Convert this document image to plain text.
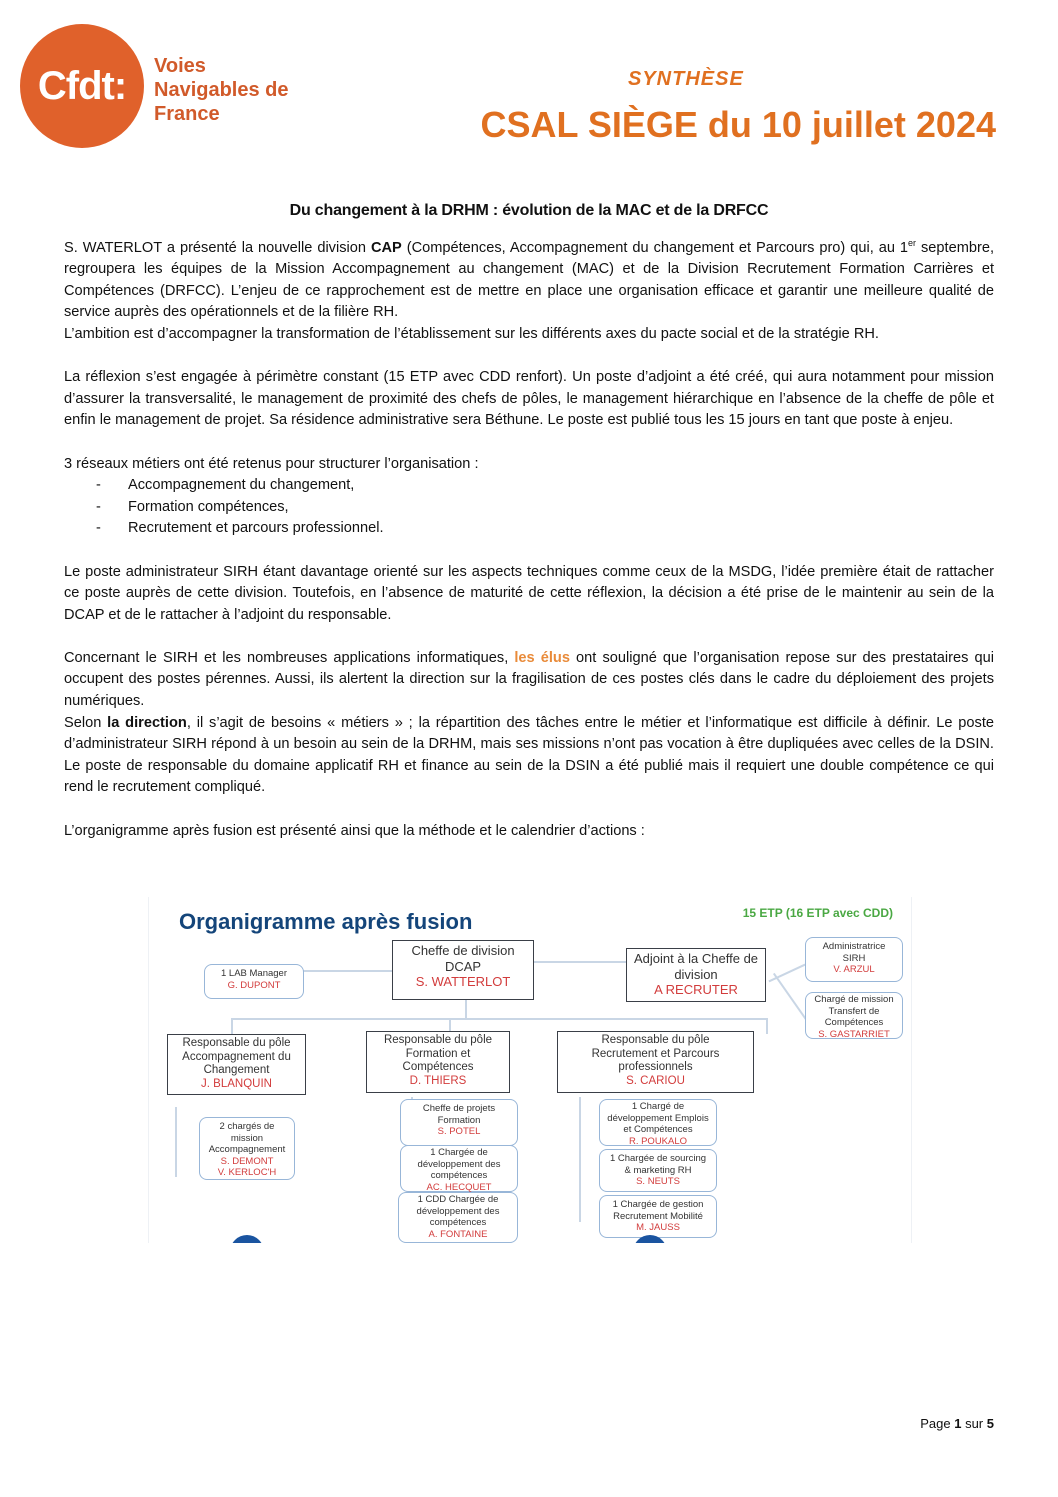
Cfdt: Voies
Navigables de
France
SYNTHÈSE
CSAL SIÈGE du 10 juillet 2024
Du changement à la DRHM : évolution de la MAC et de la DRFCC

S. WATERLOT a présenté la nouvelle division CAP (Compétences, Accompagnement du changement et Parcours pro) qui, au 1er septembre, regroupera les équipes de la Mission Accompagnement au changement (MAC) et de la Division Recrutement Formation Carrières et Compétences (DRFCC). L’enjeu de ce rapprochement est de mettre en place une organisation efficace et garantir une meilleure qualité de service auprès des opérationnels et de la filière RH.

L’ambition est d’accompagner la transformation de l’établissement sur les différents axes du pacte social et de la stratégie RH.

La réflexion s’est engagée à périmètre constant (15 ETP avec CDD renfort). Un poste d’adjoint a été créé, qui aura notamment pour mission d’assurer la transversalité, le management de proximité des chefs de pôles, le management hiérarchique en l’absence de la cheffe de pôle et enfin le management de projet. Sa résidence administrative sera Béthune. Le poste est publié tous les 15 jours en tant que poste à enjeu.

3 réseaux métiers ont été retenus pour structurer l’organisation :

- Accompagnement du changement,
- Formation compétences,
- Recrutement et parcours professionnel.

Le poste administrateur SIRH étant davantage orienté sur les aspects techniques comme ceux de la MSDG, l’idée première était de rattacher ce poste auprès de cette division. Toutefois, en l’absence de maturité de cette réflexion, la décision a été prise de le maintenir au sein de la DCAP et de le rattacher à l’adjoint du responsable.

Concernant le SIRH et les nombreuses applications informatiques, les élus ont souligné que l’organisation repose sur des prestataires qui occupent des postes pérennes. Aussi, ils alertent la direction sur la fragilisation de ces postes clés dans le cadre du déploiement des projets numériques.

Selon la direction, il s’agit de besoins « métiers » ; la répartition des tâches entre le métier et l’informatique est difficile à définir. Le poste d’administrateur SIRH répond à un besoin au sein de la DRHM, mais ses missions n’ont pas vocation à être dupliquées avec celles de la DSIN. Le poste de responsable du domaine applicatif RH et finance au sein de la DSIN a été publié mais il requiert une double compétence ce qui rend le recrutement compliqué.

L’organigramme après fusion est présenté ainsi que la méthode et le calendrier d’actions :

Organigramme après fusion	15 ETP (16 ETP avec CDD)
Cheffe de division
DCAP
S. WATTERLOT
1 LAB Manager
G. DUPONT
Adjoint à la Cheffe de
division
A RECRUTER
Administratrice
SIRH
V. ARZUL
Chargé de mission
Transfert de
Compétences
S. GASTARRIET
Responsable du pôle
Accompagnement du
Changement
J. BLANQUIN
Responsable du pôle
Formation et
Compétences
D. THIERS
Responsable du pôle
Recrutement et Parcours
professionnels
S. CARIOU
2 chargés de
mission
Accompagnement
S. DEMONT
V. KERLOC'H
Cheffe de projets
Formation
S. POTEL
1 Chargée de
développement des
compétences
AC. HECQUET
1 CDD Chargée de
développement des
compétences
A. FONTAINE
1 Chargé de
développement Emplois
et Compétences
R. POUKALO
1 Chargée de sourcing
& marketing RH
S. NEUTS
1 Chargée de gestion
Recrutement Mobilité
M. JAUSS
Page 1 sur 5
